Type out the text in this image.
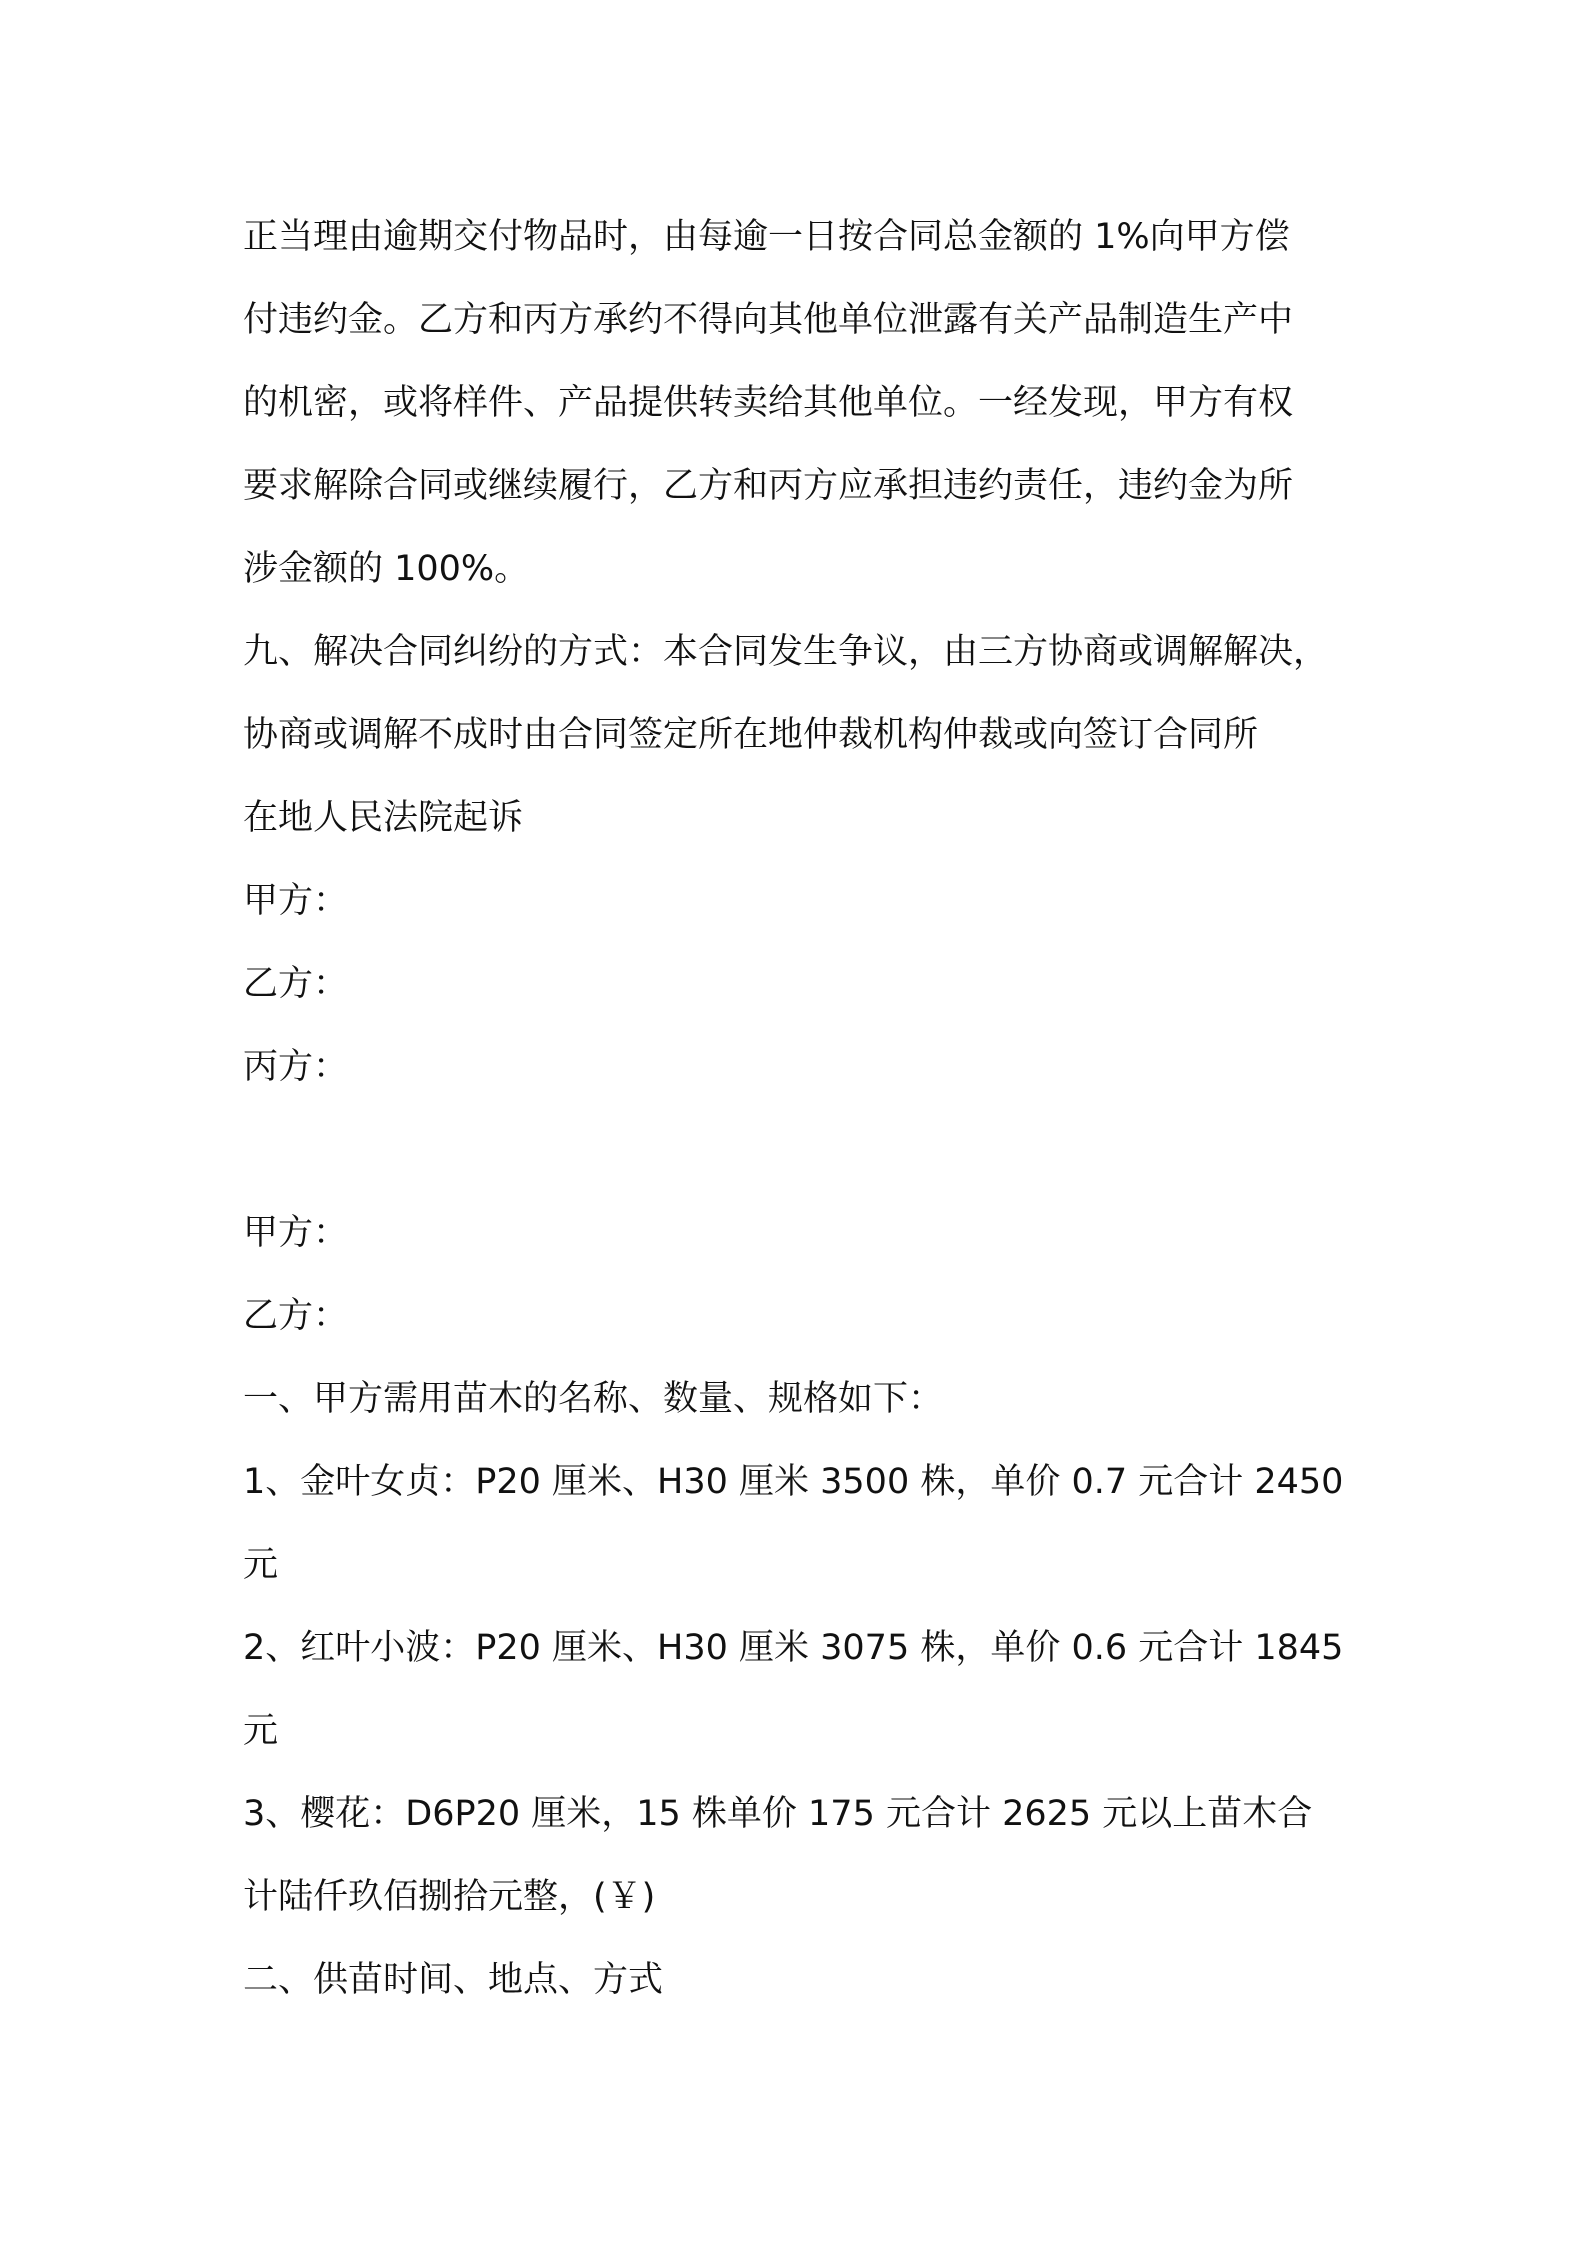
正当理由逾期交付物品时，由每逾一日按合同总金额的 1%向甲方偿
付违约金。乙方和丙方承约不得向其他单位泄露有关产品制造生产中
的机密，或将样件、产品提供转卖给其他单位。一经发现，甲方有权
要求解除合同或继续履行，乙方和丙方应承担违约责任，违约金为所
涉金额的 100%。
九、解决合同纠纷的方式：本合同发生争议，由三方协商或调解解决，
协商或调解不成时由合同签定所在地仲裁机构仲裁或向签订合同所
在地人民法院起诉
甲方：
乙方：
丙方：
甲方：
乙方：
一、甲方需用苗木的名称、数量、规格如下：
1、金叶女贞：P20 厘米、H30 厘米 3500 株，单价 0.7 元合计 2450
元
2、红叶小波：P20 厘米、H30 厘米 3075 株，单价 0.6 元合计 1845
元
3、樱花：D6P20 厘米，15 株单价 175 元合计 2625 元以上苗木合
计陆仟玖佰捌拾元整，(￥)
二、供苗时间、地点、方式
